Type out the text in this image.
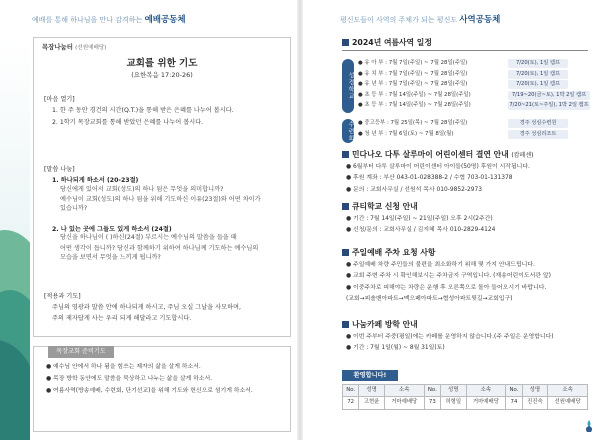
예배를 통해 하나님을 만나 감격하는 예배공동체
목장나눔터 (선원예배당)
교회를 위한 기도
(요한복음 17:20-26)
[마음 열기]

1. 한 주 동안 경건의 시간(Q.T.)을 통해 받은 은혜를 나누어 봅시다.

2. 1학기 목장교회를 통해 받았던 은혜를 나누어 봅시다.

[말씀 나눔]
1. 하나되게 하소서 (20-23절)

당신에게 있어서 교회(성도)의 하나 됨은 무엇을 의미합니까?

예수님이 교회(성도)의 하나 됨을 위해 기도하신 이유(23절)와 어떤 차이가

있습니까?

2. 나 있는 곳에 그들도 있게 하소서 (24절)

당신을 하나님이 ( )하신(24절) 부르시는 예수님의 말씀을 들을 때

어떤 생각이 듭니까? 당신과 함께하기 위하여 하나님께 기도하는 예수님의

모습을 보면서 무엇을 느끼게 됩니까?

[적용과 기도]

주님의 영광과 말씀 안에 하나되게 하시고, 주님 오실 그날을 사모하며,

주의 제자답게 사는 우리 되게 해달라고 기도합시다.

목장교회 준비기도
● 예수님 안에서 하나 됨을 힘쓰는 제자의 삶을 살게 하소서.
● 목장 방학 동안에도 말씀을 묵상하고 나누는 삶을 살게 하소서.
● 여름사역(방송예배, 수련회, 단기선교)을 위해 기도와 헌신으로 섬기게 하소서.
평신도들이 사역의 주체가 되는 평신도 사역공동체
2024년 여름사역 일정
성경학교
● 유 아 부 : 7월 7일(주일) ~ 7월 28일(주일)	7/20(토), 1일 캠프
● 유 치 부 : 7월 7일(주일) ~ 7월 28일(주일)	7/20(토), 1일 캠프
● 유 년 부 : 7월 7일(주일) ~ 7월 28일(주일)	7/20(토), 1일 캠프
● 초 등 부 : 7월 14일(주일) ~ 7월 28일(주일)	7/19~20(금~토), 1박 2일 캠프
● 초 등 부 : 7월 14일(주일) ~ 7월 28일(주일)	7/20~21(토~주일), 1박 2일 캠프
수련회 ● 중고등부 : 7월 25일(목) ~ 7월 28일(주일)	경주 성심수련원
● 청 년 부 : 7월 6일(토) ~ 7월 8일(월)	경주 성심리조트
민다나오 다투 살루마이 어린이센터 결연 안내 (캄페센)
● 6월부터 다투 살루마이 어린이센터 아이들(50명) 후원이 시작됩니다.
● 후원 계좌 : 부산 043-01-028388-2 / 수협 703-01-131378
● 문의 : 교회사무실 / 선원석 목사 010-9852-2973
큐티학교 신청 안내
● 기간 : 7월 14일(주일) ~ 21일(주일) 오후 2시(2주간)
● 신청/문의 : 교회사무실 / 김지혜 목사 010-2829-4124
주일예배 주차 요청 사항
● 주일예배 차량 주민들의 불편을 최소화하기 위해 몇 가지 안내드립니다.
● 교회 주변 주차 시 확인해보시는 주차금지 구역입니다. (재송어린이도서관 앞)
● 이중주차로 피해야는 차량은 운행 후 오른쪽으로 돌아 들어오시기 바랍니다.
(교회→피솔밴아파트→맥으페아파트→협성아파트뒷길→교회입구)
나눔카페 방학 안내
● 이번 주부터 주중(평일)에는 카페를 운영하지 않습니다.(주 주일은 운영합니다)
● 기간 : 7월 1일(월) ~ 8월 31일(토)
환영합니다!
No.	성명	소속	No.	성명	소속	No.	성명	소속
72	고현윤	거마예배당	73	허형일	거마예배당	74	진진숙	선원예배당
